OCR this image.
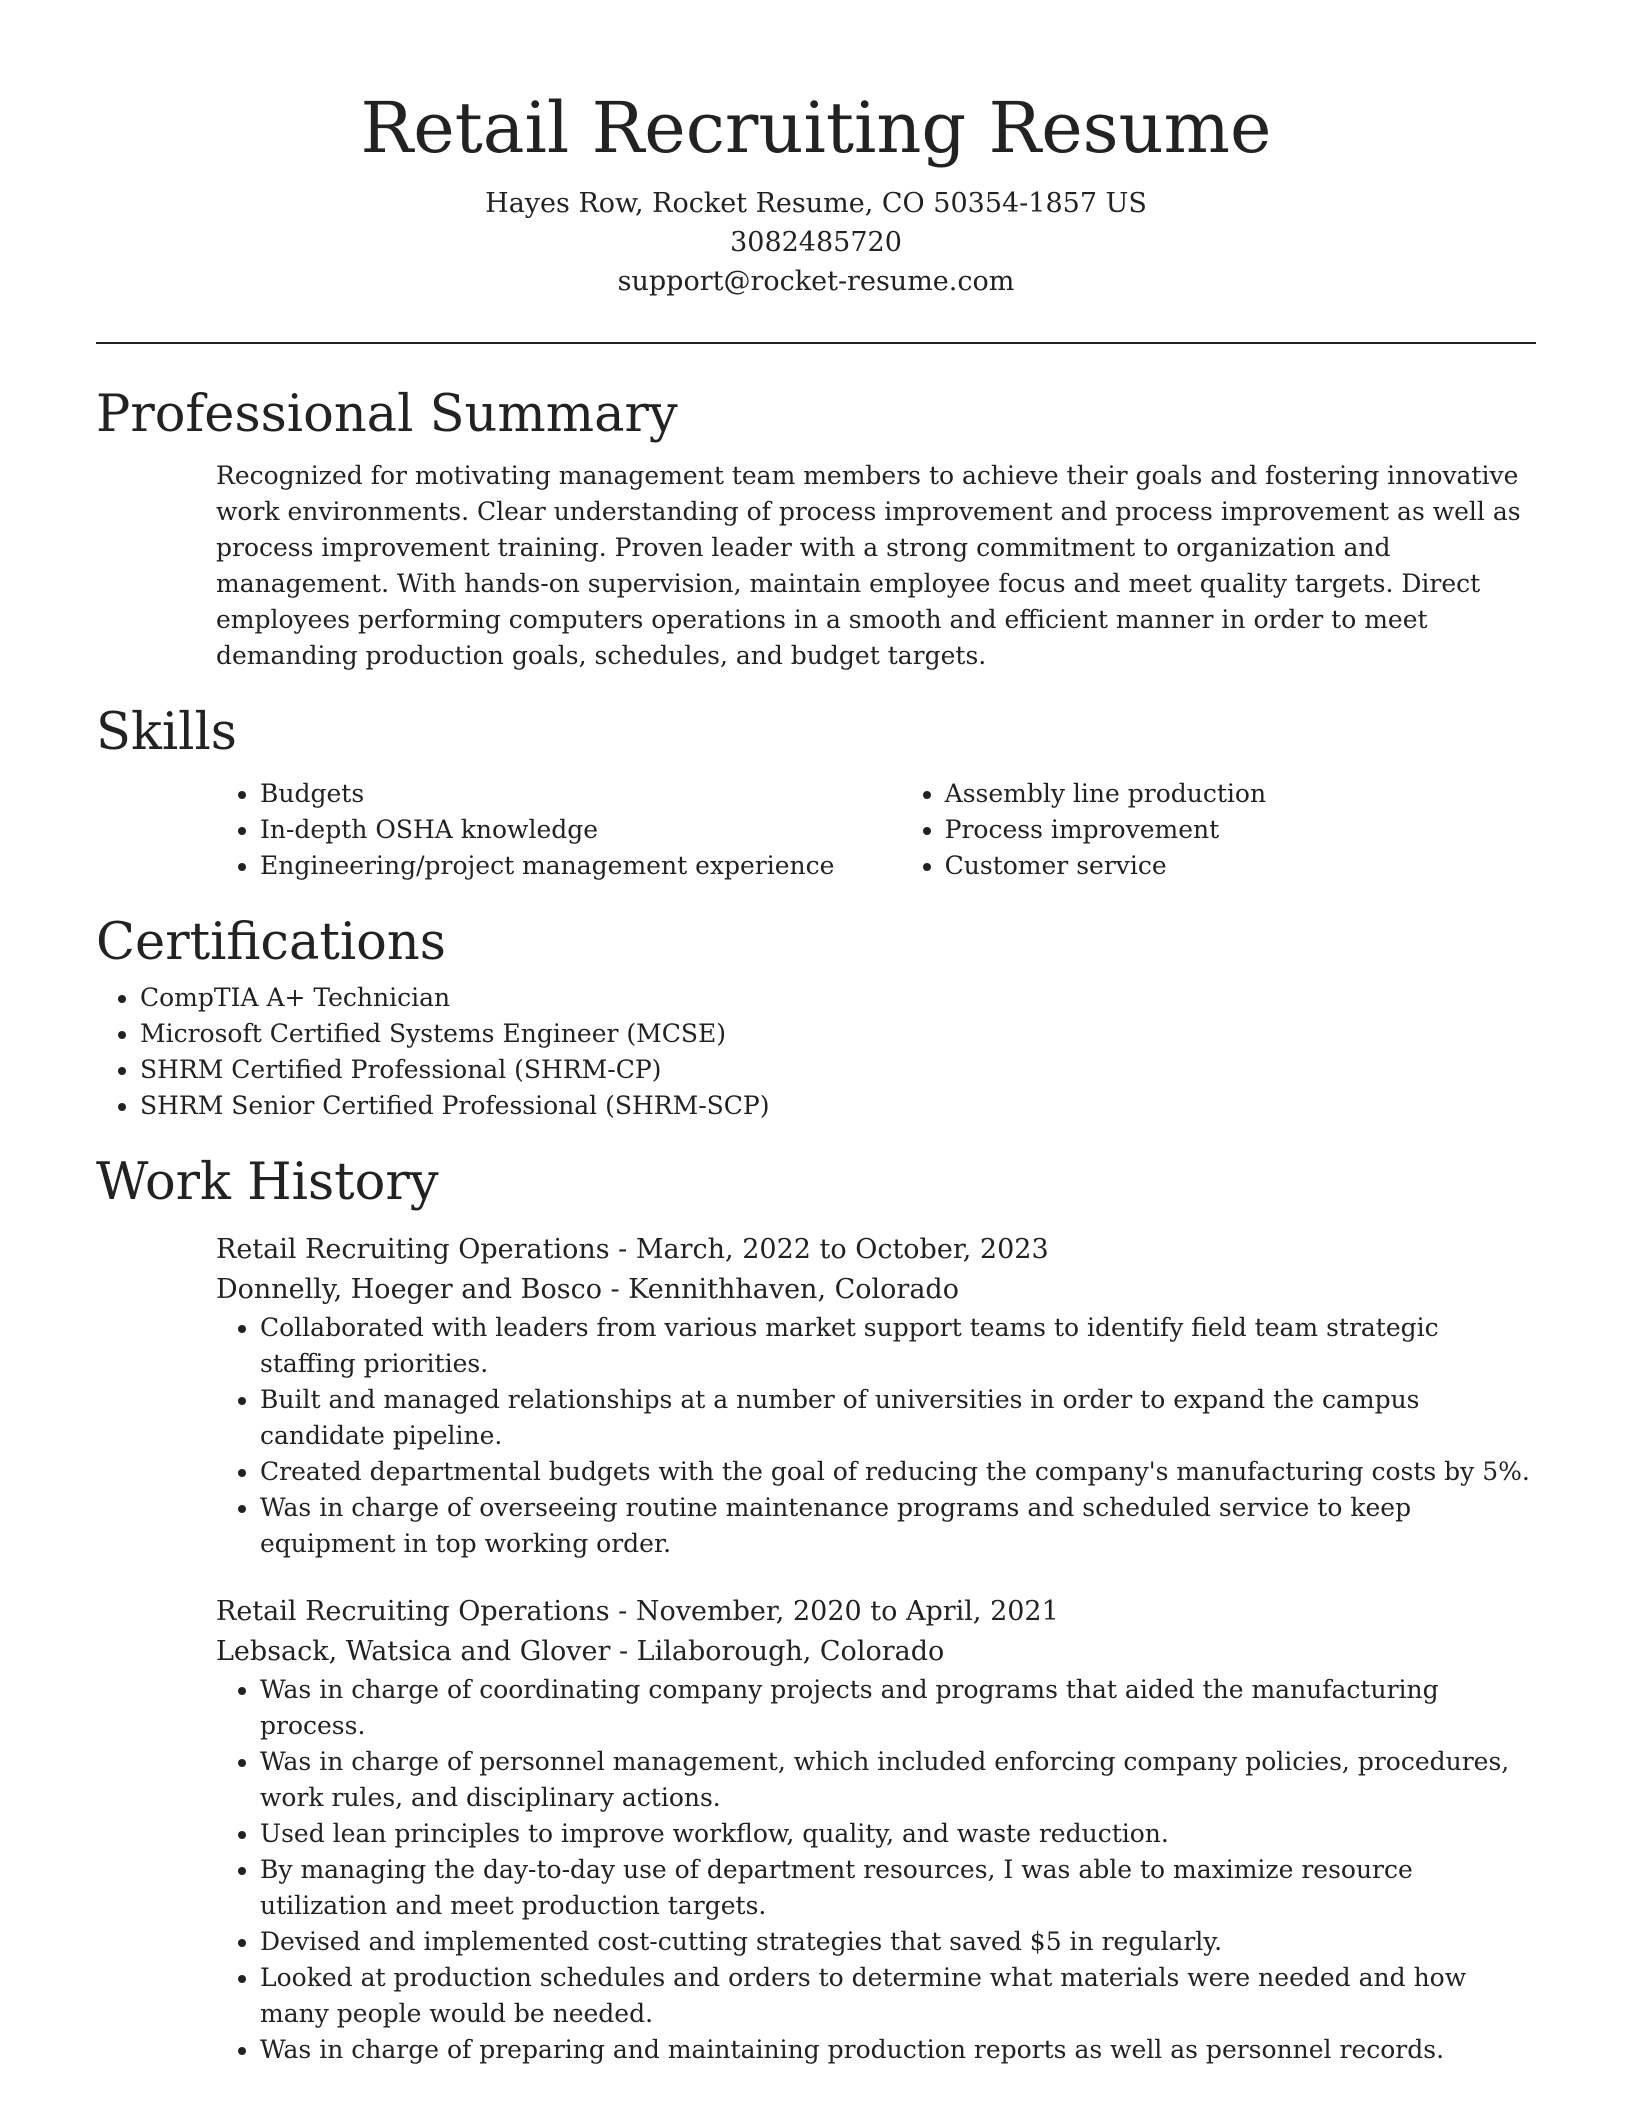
Retail Recruiting Resume
Hayes Row, Rocket Resume, CO 50354-1857 US
3082485720
support@rocket-resume.com
Professional Summary

Recognized for motivating management team members to achieve their goals and fostering innovative work environments. Clear understanding of process improvement and process improvement as well as process improvement training. Proven leader with a strong commitment to organization and management. With hands-on supervision, maintain employee focus and meet quality targets. Direct employees performing computers operations in a smooth and efficient manner in order to meet demanding production goals, schedules, and budget targets.

Skills
• Budgets
• In-depth OSHA knowledge
• Engineering/project management experience
• Assembly line production
• Process improvement
• Customer service
Certifications
• CompTIA A+ Technician
• Microsoft Certified Systems Engineer (MCSE)
• SHRM Certified Professional (SHRM-CP)
• SHRM Senior Certified Professional (SHRM-SCP)
Work History
Retail Recruiting Operations - March, 2022 to October, 2023
Donnelly, Hoeger and Bosco - Kennithhaven, Colorado
• Collaborated with leaders from various market support teams to identify field team strategic staffing priorities.
• Built and managed relationships at a number of universities in order to expand the campus candidate pipeline.
• Created departmental budgets with the goal of reducing the company's manufacturing costs by 5%.
• Was in charge of overseeing routine maintenance programs and scheduled service to keep equipment in top working order.
Retail Recruiting Operations - November, 2020 to April, 2021
Lebsack, Watsica and Glover - Lilaborough, Colorado
• Was in charge of coordinating company projects and programs that aided the manufacturing process.
• Was in charge of personnel management, which included enforcing company policies, procedures, work rules, and disciplinary actions.
• Used lean principles to improve workflow, quality, and waste reduction.
• By managing the day-to-day use of department resources, I was able to maximize resource utilization and meet production targets.
• Devised and implemented cost-cutting strategies that saved $5 in regularly.
• Looked at production schedules and orders to determine what materials were needed and how many people would be needed.
• Was in charge of preparing and maintaining production reports as well as personnel records.
